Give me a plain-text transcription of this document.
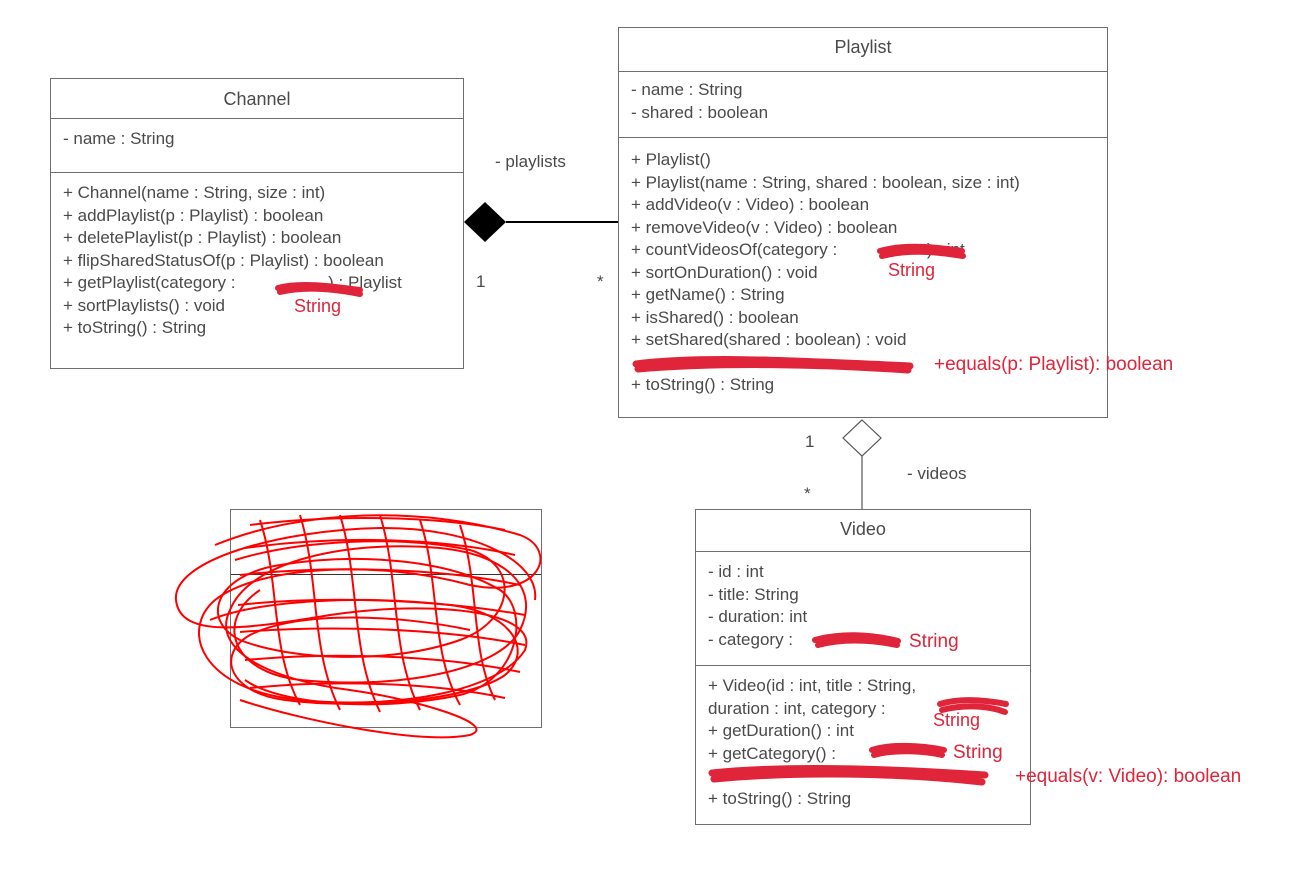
Channel
- name : String
+ Channel(name : String, size : int)
+ addPlaylist(p : Playlist) : boolean
+ deletePlaylist(p : Playlist) : boolean
+ flipSharedStatusOf(p : Playlist) : boolean
+ getPlaylist(category :	) : Playlist
+ sortPlaylists() : void
+ toString() : String
Playlist
- name : String
- shared : boolean
+ Playlist()
+ Playlist(name : String, shared : boolean, size : int)
+ addVideo(v : Video) : boolean
+ removeVideo(v : Video) : boolean
+ countVideosOf(category :	) : int
+ sortOnDuration() : void
+ getName() : String
+ isShared() : boolean
+ setShared(shared : boolean) : void

+ toString() : String
Video
- id : int
- title: String
- duration: int
- category :
+ Video(id : int, title : String,
duration : int, category :
+ getDuration() : int
+ getCategory() :

+ toString() : String
- playlists
1	*
1
- videos
*
String
String
+equals(p: Playlist): boolean
String
String
String
+equals(v: Video): boolean
